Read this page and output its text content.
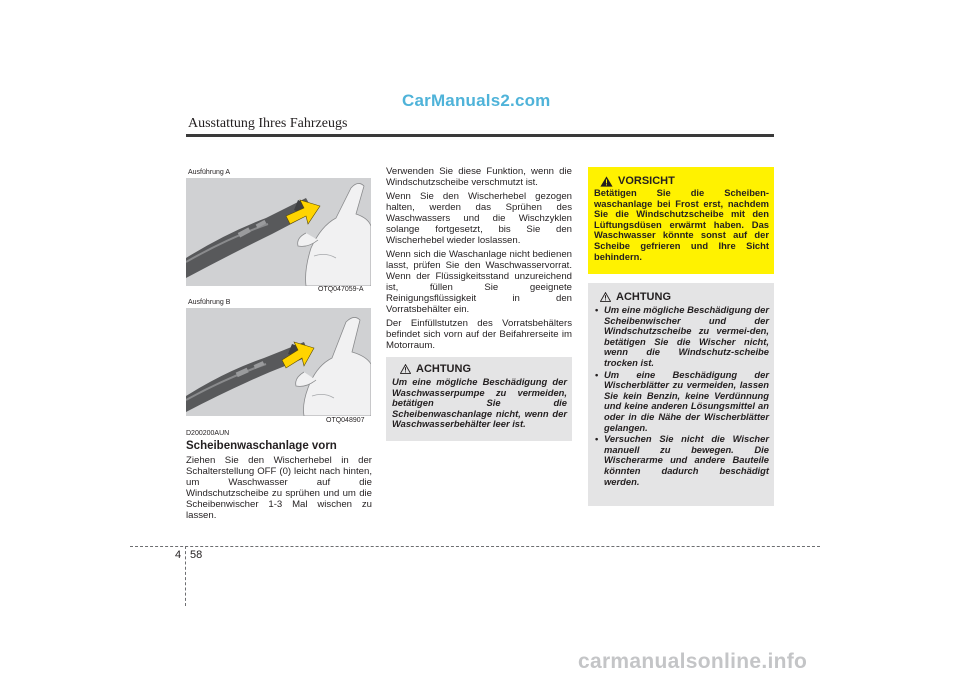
CarManuals2.com
Ausstattung Ihres Fahrzeugs
Ausführung A
OTQ047059-A
Ausführung B
OTQ048907
D200200AUN
Scheibenwaschanlage vorn
Ziehen Sie den Wischerhebel in der Schalterstellung OFF (0) leicht nach hinten, um Waschwasser auf die Windschutzscheibe zu sprühen und um die Scheibenwischer 1-3 Mal wischen zu lassen.

Verwenden Sie diese Funktion, wenn die Windschutzscheibe verschmutzt ist.

Wenn Sie den Wischerhebel gezogen halten, werden das Sprühen des Waschwassers und die Wischzyklen solange fortgesetzt, bis Sie den Wischerhebel wieder loslassen.

Wenn sich die Waschanlage nicht bedienen lasst, prüfen Sie den Waschwasservorrat. Wenn der Flüssigkeitsstand unzureichend ist, füllen Sie geeignete Reinigungsflüssigkeit in den Vorratsbehälter ein.

Der Einfüllstutzen des Vorratsbehälters befindet sich vorn auf der Beifahrerseite im Motorraum.

ACHTUNG
Um eine mögliche Beschädigung der Waschwasserpumpe zu vermeiden, betätigen Sie die Scheibenwaschanlage nicht, wenn der Waschwasserbehälter leer ist.
VORSICHT
Betätigen Sie die Scheiben-waschanlage bei Frost erst, nachdem Sie die Windschutzscheibe mit den Lüftungsdüsen erwärmt haben. Das Waschwasser könnte sonst auf der Scheibe gefrieren und Ihre Sicht behindern.
ACHTUNG
• Um eine mögliche Beschädigung der Scheibenwischer und der Windschutzscheibe zu vermei-den, betätigen Sie die Wischer nicht, wenn die Windschutz-scheibe trocken ist.
• Um eine Beschädigung der Wischerblätter zu vermeiden, lassen Sie kein Benzin, keine Verdünnung und keine anderen Lösungsmittel an oder in die Nähe der Wischerblätter gelangen.
• Versuchen Sie nicht die Wischer manuell zu bewegen. Die Wischerarme und andere Bauteile könnten dadurch beschädigt werden.
4 58
carmanualsonline.info
